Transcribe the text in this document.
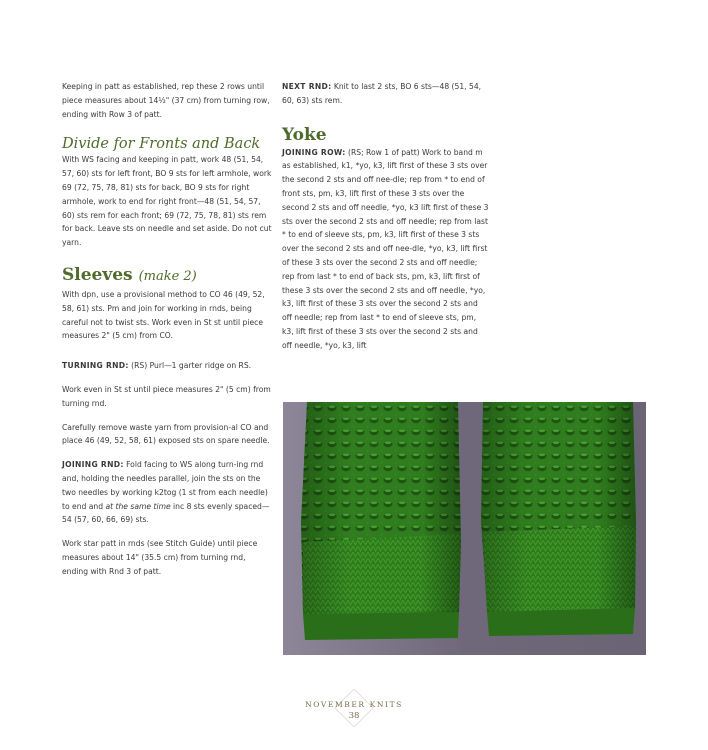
Keeping in patt as established, rep these 2 rows until piece measures about 14½" (37 cm) from turning row, ending with Row 3 of patt.

Divide for Fronts and Back

With WS facing and keeping in patt, work 48 (51, 54, 57, 60) sts for left front, BO 9 sts for left armhole, work 69 (72, 75, 78, 81) sts for back, BO 9 sts for right armhole, work to end for right front—48 (51, 54, 57, 60) sts rem for each front; 69 (72, 75, 78, 81) sts rem for back. Leave sts on needle and set aside. Do not cut yarn.

Sleeves (make 2)

With dpn, use a provisional method to CO 46 (49, 52, 58, 61) sts. Pm and join for working in rnds, being careful not to twist sts. Work even in St st until piece measures 2" (5 cm) from CO.

TURNING RND: (RS) Purl—1 garter ridge on RS.

Work even in St st until piece measures 2" (5 cm) from turning rnd.

Carefully remove waste yarn from provision-al CO and place 46 (49, 52, 58, 61) exposed sts on spare needle.

JOINING RND: Fold facing to WS along turn-ing rnd and, holding the needles parallel, join the sts on the two needles by working k2tog (1 st from each needle) to end and at the same time inc 8 sts evenly spaced—54 (57, 60, 66, 69) sts.

Work star patt in rnds (see Stitch Guide) until piece measures about 14" (35.5 cm) from turning rnd, ending with Rnd 3 of patt.

NEXT RND: Knit to last 2 sts, BO 6 sts—48 (51, 54, 60, 63) sts rem.

Yoke

JOINING ROW: (RS; Row 1 of patt) Work to band m as established, k1, *yo, k3, lift first of these 3 sts over the second 2 sts and off nee-dle; rep from * to end of front sts, pm, k3, lift first of these 3 sts over the second 2 sts and off needle, *yo, k3 lift first of these 3 sts over the second 2 sts and off needle; rep from last * to end of sleeve sts, pm, k3, lift first of these 3 sts over the second 2 sts and off nee-dle, *yo, k3, lift first of these 3 sts over the second 2 sts and off needle; rep from last * to end of back sts, pm, k3, lift first of these 3 sts over the second 2 sts and off needle, *yo, k3, lift first of these 3 sts over the second 2 sts and off needle; rep from last * to end of sleeve sts, pm, k3, lift first of these 3 sts over the second 2 sts and off needle, *yo, k3, lift

NOVEMBER KNITS
38
